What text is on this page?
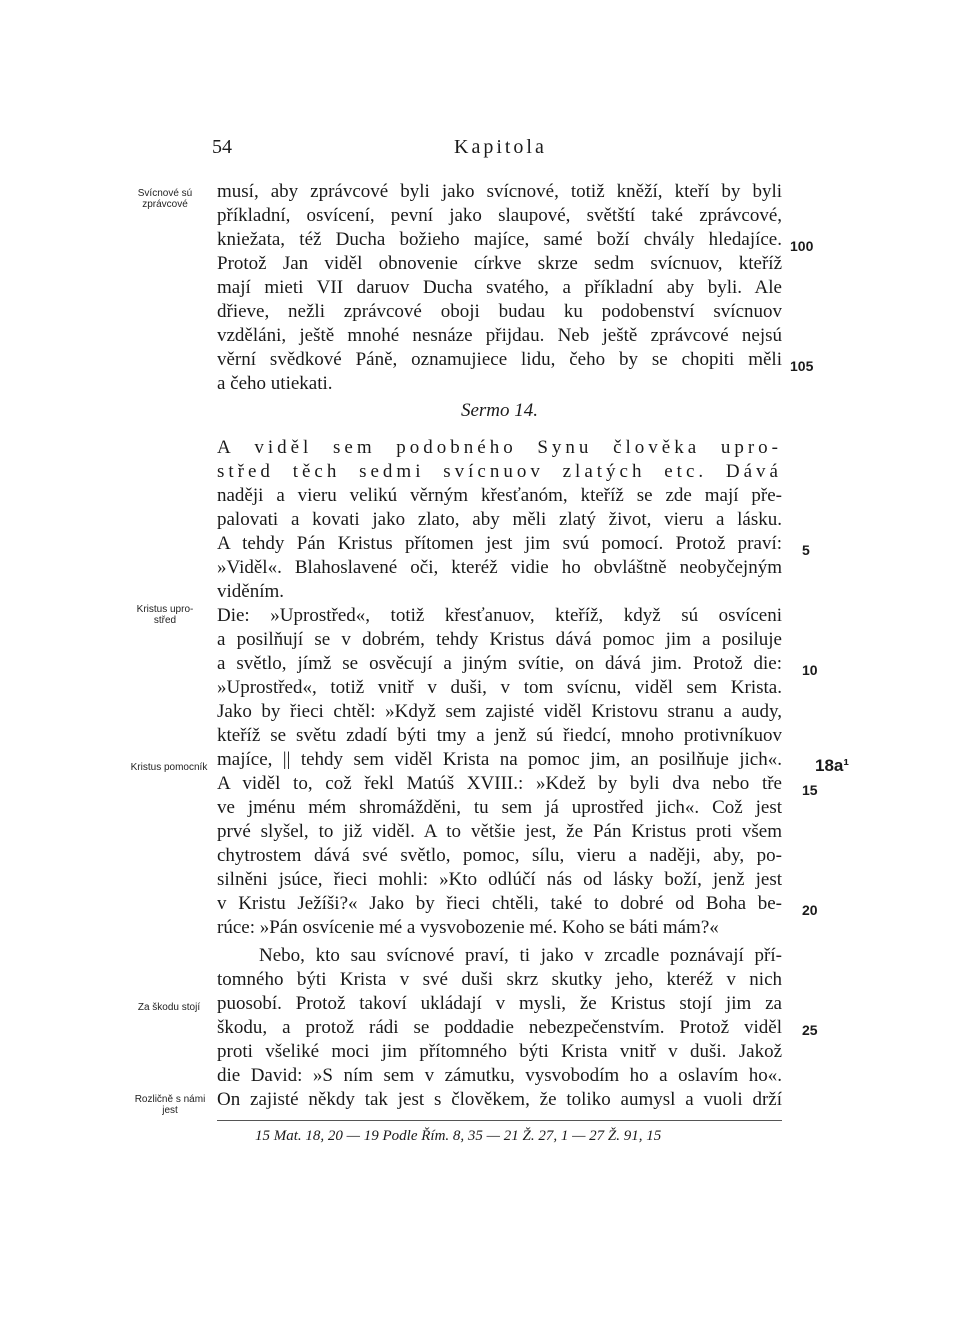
54	Kapitola
Svícnové sú zprávcové
Kristus upro-střed
Kristus pomocník
Za škodu stojí
Rozličně s námi jest
musí, aby zprávcové byli jako svícnové, totiž kněží, kteří by byli
příkladní, osvícení, pevní jako slaupové, světští také zprávcové,
kniežata, též Ducha božieho majíce, samé boží chvály hledajíce.
Protož Jan viděl obnovenie církve skrze sedm svícnuov, kteříž
mají mieti VII daruov Ducha svatého, a příkladní aby byli. Ale
dřieve, nežli zprávcové oboji budau ku podobenství svícnuov
vzděláni, ještě mnohé nesnáze přijdau. Neb ještě zprávcové nejsú
věrní svědkové Páně, oznamujiece lidu, čeho by se chopiti měli
a čeho utiekati.
Sermo 14.
A viděl sem podobného Synu člověka upro-
střed těch sedmi svícnuov zlatých etc. Dává
naději a vieru velikú věrným křesťanóm, kteříž se zde mají pře-
palovati a kovati jako zlato, aby měli zlatý život, vieru a lásku.
A tehdy Pán Kristus přítomen jest jim svú pomocí. Protož praví:
»Viděl«. Blahoslavené oči, kteréž vidie ho obvláštně neobyčejným
viděním.
Die: »Uprostřed«, totiž křesťanuov, kteříž, když sú osvíceni
a posilňují se v dobrém, tehdy Kristus dává pomoc jim a posiluje
a světlo, jímž se osvěcují a jiným svítie, on dává jim. Protož die:
»Uprostřed«, totiž vnitř v duši, v tom svícnu, viděl sem Krista.
Jako by řieci chtěl: »Když sem zajisté viděl Kristovu stranu a audy,
kteříž se světu zdadí býti tmy a jenž sú řiedcí, mnoho protivníkuov
majíce, || tehdy sem viděl Krista na pomoc jim, an posilňuje jich«.
A viděl to, což řekl Matúš XVIII.: »Kdež by byli dva nebo tře
ve jménu mém shromážděni, tu sem já uprostřed jich«. Což jest
prvé slyšel, to již viděl. A to většie jest, že Pán Kristus proti všem
chytrostem dává své světlo, pomoc, sílu, vieru a naději, aby, po-
silněni jsúce, řieci mohli: »Kto odlúčí nás od lásky boží, jenž jest
v Kristu Ježíši?« Jako by řieci chtěli, také to dobré od Boha be-
rúce: »Pán osvícenie mé a vysvobozenie mé. Koho se báti mám?«
Nebo, kto sau svícnové praví, ti jako v zrcadle poznávají pří-
tomného býti Krista v své duši skrz skutky jeho, kteréž v nich
puosobí. Protož takoví ukládají v mysli, že Kristus stojí jim za
škodu, a protož rádi se poddadie nebezpečenstvím. Protož viděl
proti všeliké moci jim přítomného býti Krista vnitř v duši. Jakož
die David: »S ním sem v zámutku, vysvobodím ho a oslavím ho«.
On zajisté někdy tak jest s člověkem, že toliko aumysl a vuoli drží
100
105
5
10
15
20
25
18a¹
15 Mat. 18, 20 — 19 Podle Řím. 8, 35 — 21 Ž. 27, 1 — 27 Ž. 91, 15
